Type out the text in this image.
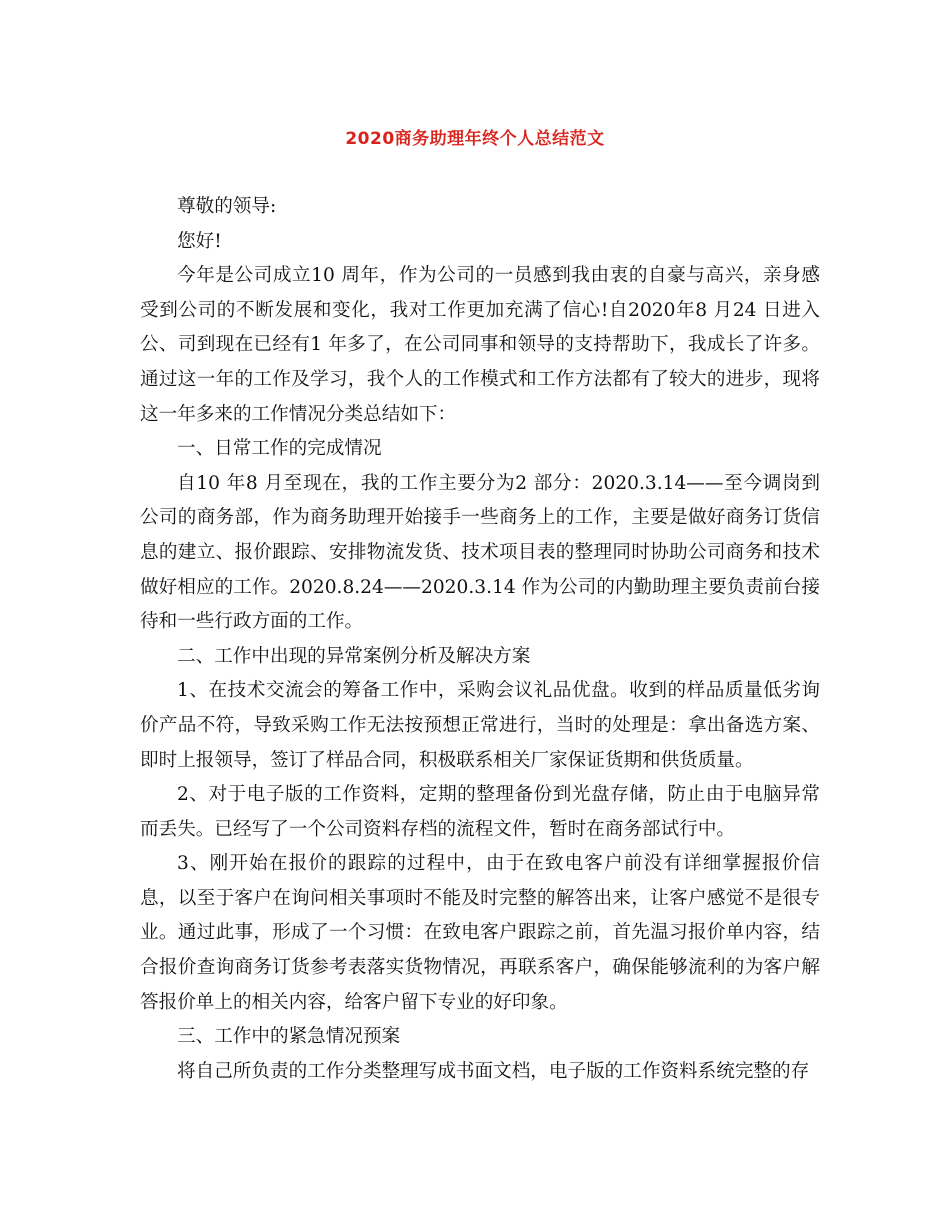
2020商务助理年终个人总结范文

尊敬的领导:

您好!

今年是公司成立10 周年，作为公司的一员感到我由衷的自豪与高兴，亲身感受到公司的不断发展和变化，我对工作更加充满了信心!自2020年8 月24 日进入公、司到现在已经有1 年多了，在公司同事和领导的支持帮助下，我成长了许多。通过这一年的工作及学习，我个人的工作模式和工作方法都有了较大的进步，现将这一年多来的工作情况分类总结如下：

一、日常工作的完成情况

自10 年8 月至现在，我的工作主要分为2 部分：2020.3.14——至今调岗到公司的商务部，作为商务助理开始接手一些商务上的工作，主要是做好商务订货信息的建立、报价跟踪、安排物流发货、技术项目表的整理同时协助公司商务和技术做好相应的工作。2020.8.24——2020.3.14 作为公司的内勤助理主要负责前台接待和一些行政方面的工作。

二、工作中出现的异常案例分析及解决方案

1、在技术交流会的筹备工作中，采购会议礼品优盘。收到的样品质量低劣询价产品不符，导致采购工作无法按预想正常进行，当时的处理是：拿出备选方案、即时上报领导，签订了样品合同，积极联系相关厂家保证货期和供货质量。

2、对于电子版的工作资料，定期的整理备份到光盘存储，防止由于电脑异常而丢失。已经写了一个公司资料存档的流程文件，暂时在商务部试行中。

3、刚开始在报价的跟踪的过程中，由于在致电客户前没有详细掌握报价信息，以至于客户在询问相关事项时不能及时完整的解答出来，让客户感觉不是很专业。通过此事，形成了一个习惯：在致电客户跟踪之前，首先温习报价单内容，结合报价查询商务订货参考表落实货物情况，再联系客户，确保能够流利的为客户解答报价单上的相关内容，给客户留下专业的好印象。

三、工作中的紧急情况预案

将自己所负责的工作分类整理写成书面文档，电子版的工作资料系统完整的存
